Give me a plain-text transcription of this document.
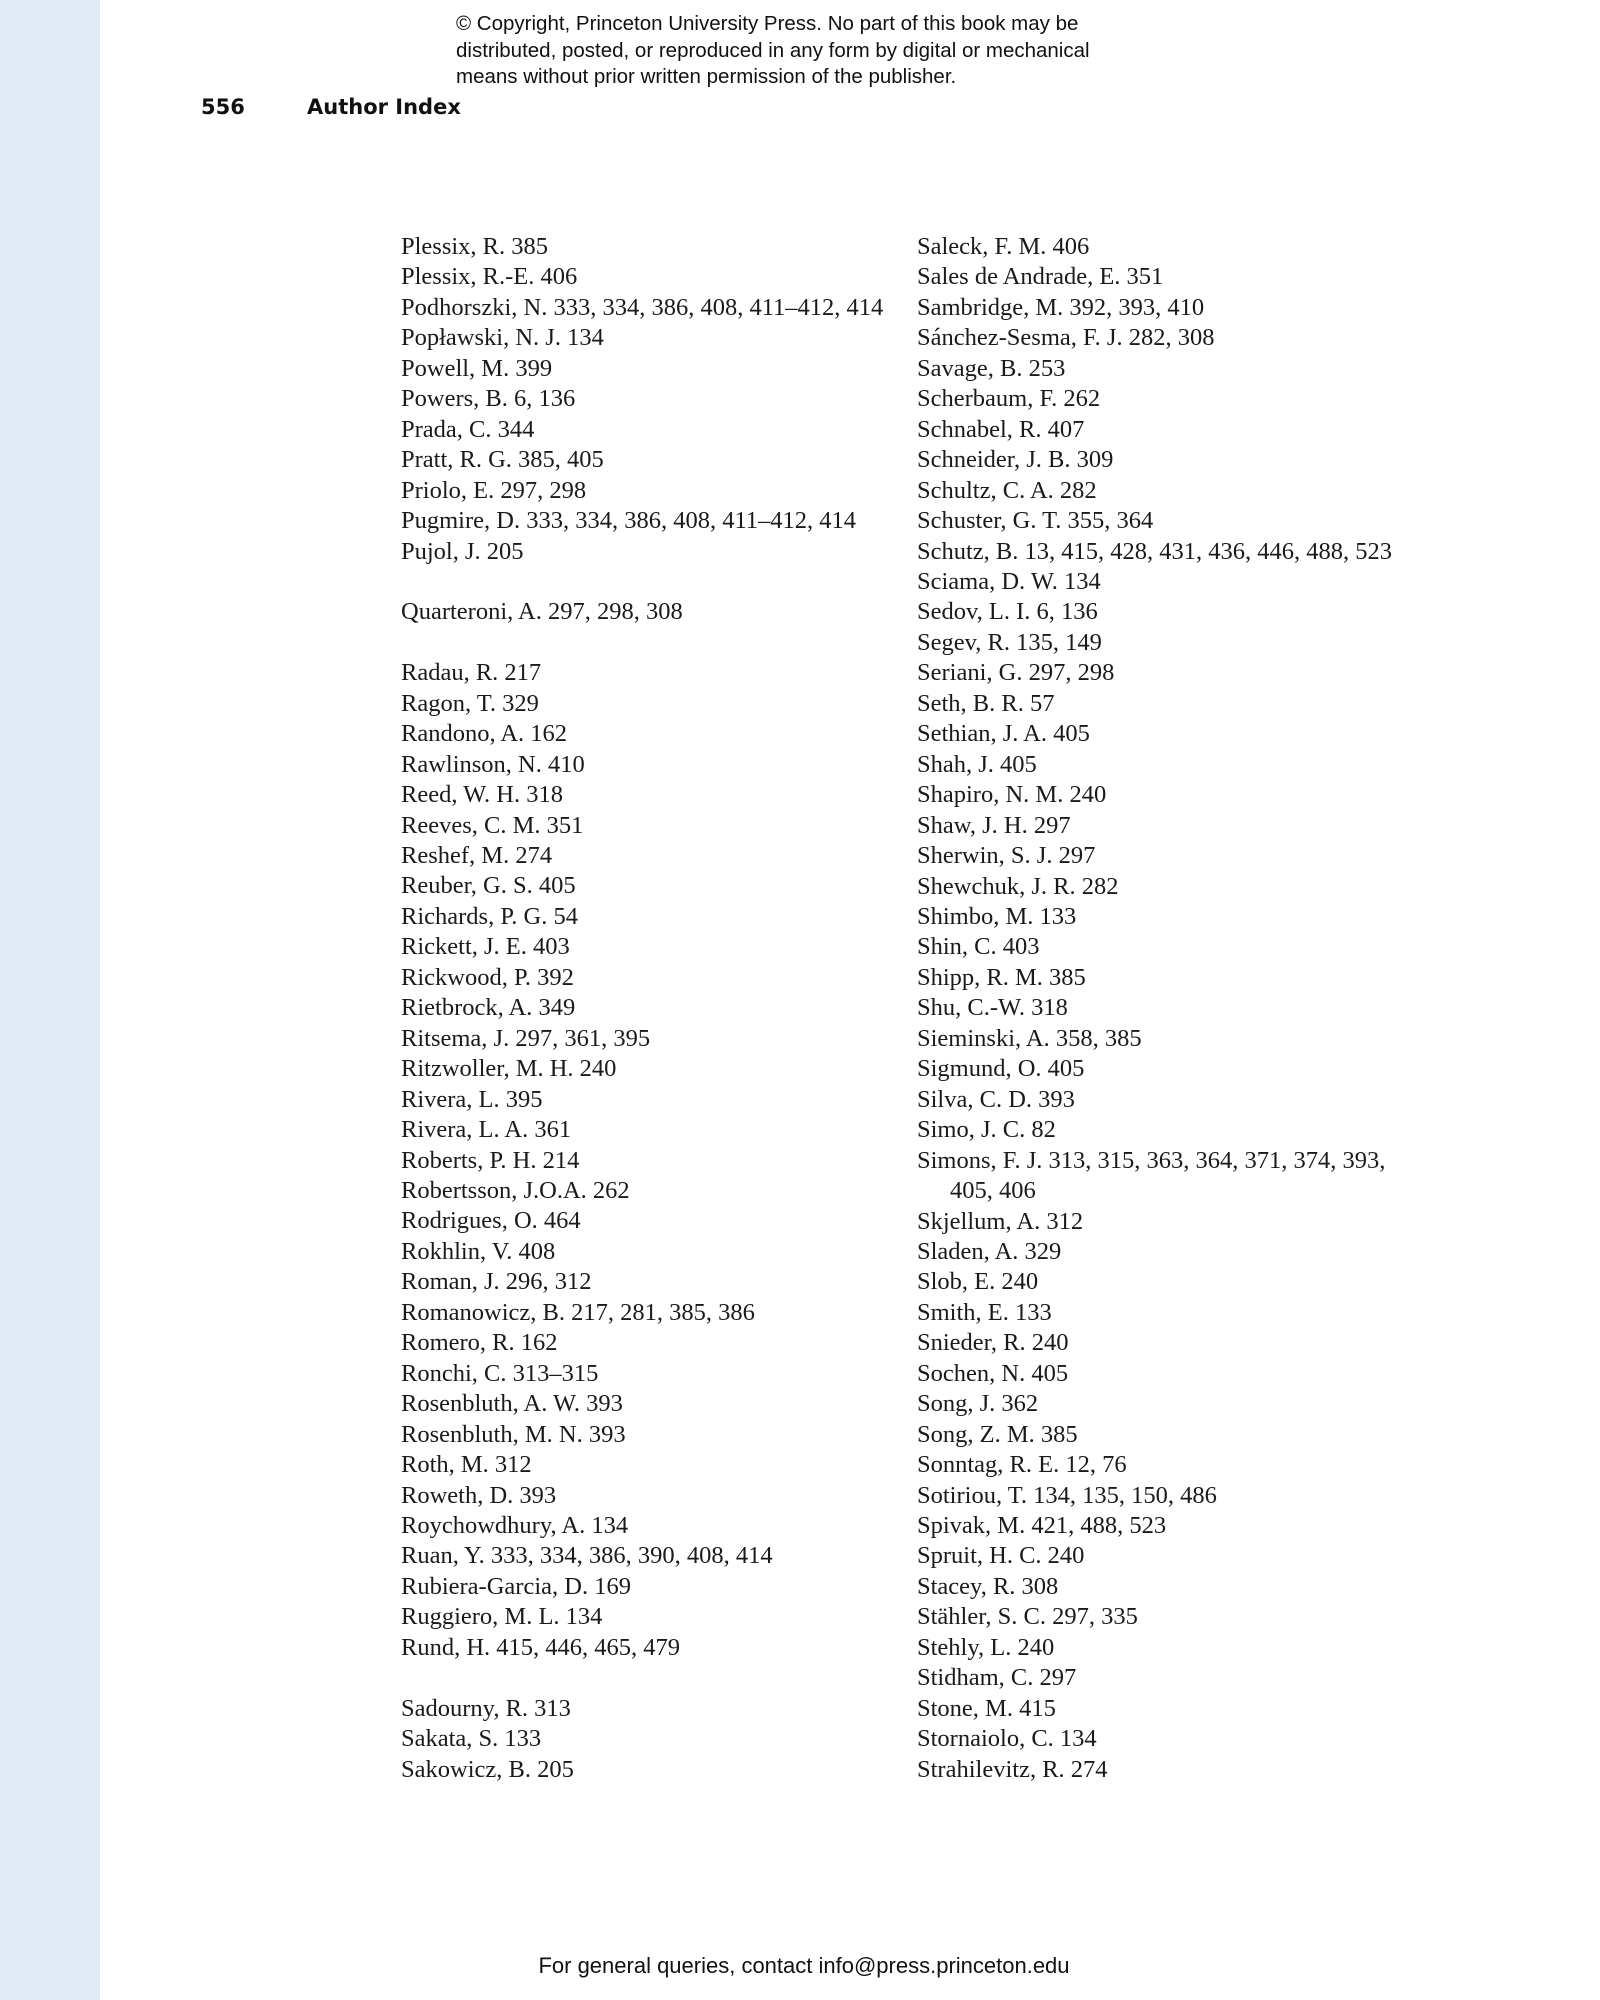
© Copyright, Princeton University Press. No part of this book may be
distributed, posted, or reproduced in any form by digital or mechanical
means without prior written permission of the publisher.
556	Author Index
Plessix, R. 385
Plessix, R.-E. 406
Podhorszki, N. 333, 334, 386, 408, 411–412, 414
Popławski, N. J. 134
Powell, M. 399
Powers, B. 6, 136
Prada, C. 344
Pratt, R. G. 385, 405
Priolo, E. 297, 298
Pugmire, D. 333, 334, 386, 408, 411–412, 414
Pujol, J. 205
Quarteroni, A. 297, 298, 308
Radau, R. 217
Ragon, T. 329
Randono, A. 162
Rawlinson, N. 410
Reed, W. H. 318
Reeves, C. M. 351
Reshef, M. 274
Reuber, G. S. 405
Richards, P. G. 54
Rickett, J. E. 403
Rickwood, P. 392
Rietbrock, A. 349
Ritsema, J. 297, 361, 395
Ritzwoller, M. H. 240
Rivera, L. 395
Rivera, L. A. 361
Roberts, P. H. 214
Robertsson, J.O.A. 262
Rodrigues, O. 464
Rokhlin, V. 408
Roman, J. 296, 312
Romanowicz, B. 217, 281, 385, 386
Romero, R. 162
Ronchi, C. 313–315
Rosenbluth, A. W. 393
Rosenbluth, M. N. 393
Roth, M. 312
Roweth, D. 393
Roychowdhury, A. 134
Ruan, Y. 333, 334, 386, 390, 408, 414
Rubiera-Garcia, D. 169
Ruggiero, M. L. 134
Rund, H. 415, 446, 465, 479
Sadourny, R. 313
Sakata, S. 133
Sakowicz, B. 205
Saleck, F. M. 406
Sales de Andrade, E. 351
Sambridge, M. 392, 393, 410
Sánchez-Sesma, F. J. 282, 308
Savage, B. 253
Scherbaum, F. 262
Schnabel, R. 407
Schneider, J. B. 309
Schultz, C. A. 282
Schuster, G. T. 355, 364
Schutz, B. 13, 415, 428, 431, 436, 446, 488, 523
Sciama, D. W. 134
Sedov, L. I. 6, 136
Segev, R. 135, 149
Seriani, G. 297, 298
Seth, B. R. 57
Sethian, J. A. 405
Shah, J. 405
Shapiro, N. M. 240
Shaw, J. H. 297
Sherwin, S. J. 297
Shewchuk, J. R. 282
Shimbo, M. 133
Shin, C. 403
Shipp, R. M. 385
Shu, C.-W. 318
Sieminski, A. 358, 385
Sigmund, O. 405
Silva, C. D. 393
Simo, J. C. 82
Simons, F. J. 313, 315, 363, 364, 371, 374, 393,
405, 406
Skjellum, A. 312
Sladen, A. 329
Slob, E. 240
Smith, E. 133
Snieder, R. 240
Sochen, N. 405
Song, J. 362
Song, Z. M. 385
Sonntag, R. E. 12, 76
Sotiriou, T. 134, 135, 150, 486
Spivak, M. 421, 488, 523
Spruit, H. C. 240
Stacey, R. 308
Stähler, S. C. 297, 335
Stehly, L. 240
Stidham, C. 297
Stone, M. 415
Stornaiolo, C. 134
Strahilevitz, R. 274
For general queries, contact info@press.princeton.edu
